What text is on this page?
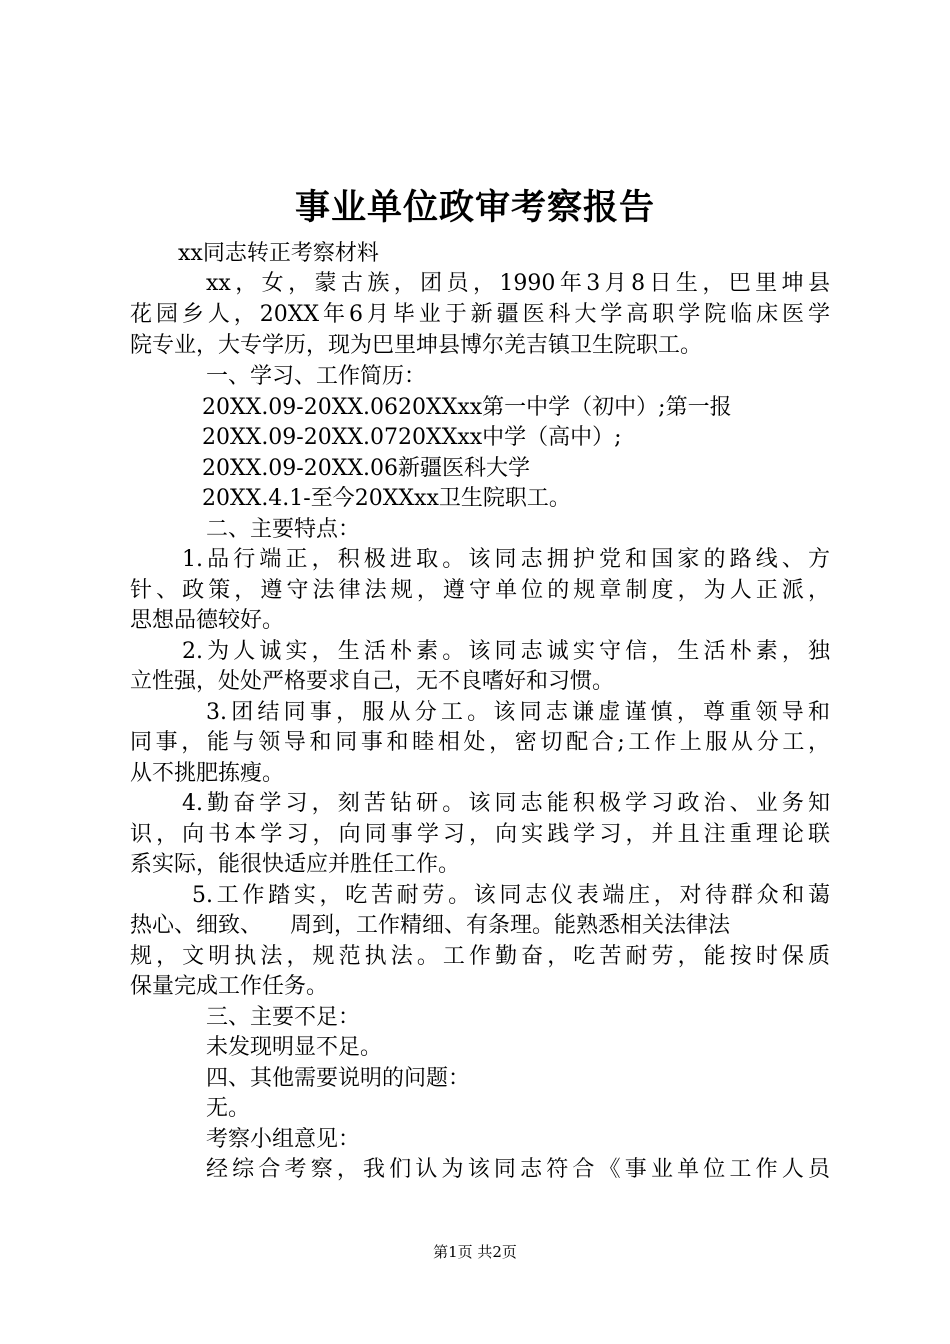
事业单位政审考察报告
xx同志转正考察材料
xx，女，蒙古族，团员，1990年3月8日生，巴里坤县
花园乡人，20XX年6月毕业于新疆医科大学高职学院临床医学
院专业，大专学历，现为巴里坤县博尔羌吉镇卫生院职工。
一、学习、工作简历：
20XX.09-20XX.0620XXxx第一中学（初中）;第一报
20XX.09-20XX.0720XXxx中学（高中）;
20XX.09-20XX.06新疆医科大学
20XX.4.1-至今20XXxx卫生院职工。
二、主要特点：
1.品行端正，积极进取。该同志拥护党和国家的路线、方
针、政策，遵守法律法规，遵守单位的规章制度，为人正派，
思想品德较好。
2.为人诚实，生活朴素。该同志诚实守信，生活朴素，独
立性强，处处严格要求自己，无不良嗜好和习惯。
3.团结同事，服从分工。该同志谦虚谨慎，尊重领导和
同事，能与领导和同事和睦相处，密切配合;工作上服从分工，
从不挑肥拣瘦。
4.勤奋学习，刻苦钻研。该同志能积极学习政治、业务知
识，向书本学习，向同事学习，向实践学习，并且注重理论联
系实际，能很快适应并胜任工作。
5.工作踏实，吃苦耐劳。该同志仪表端庄，对待群众和蔼
热心、细致、    周到，工作精细、有条理。能熟悉相关法律法
规，文明执法，规范执法。工作勤奋，吃苦耐劳，能按时保质
保量完成工作任务。
三、主要不足：
未发现明显不足。
四、其他需要说明的问题：
无。
考察小组意见：
经综合考察，我们认为该同志符合《事业单位工作人员
第1页 共2页
